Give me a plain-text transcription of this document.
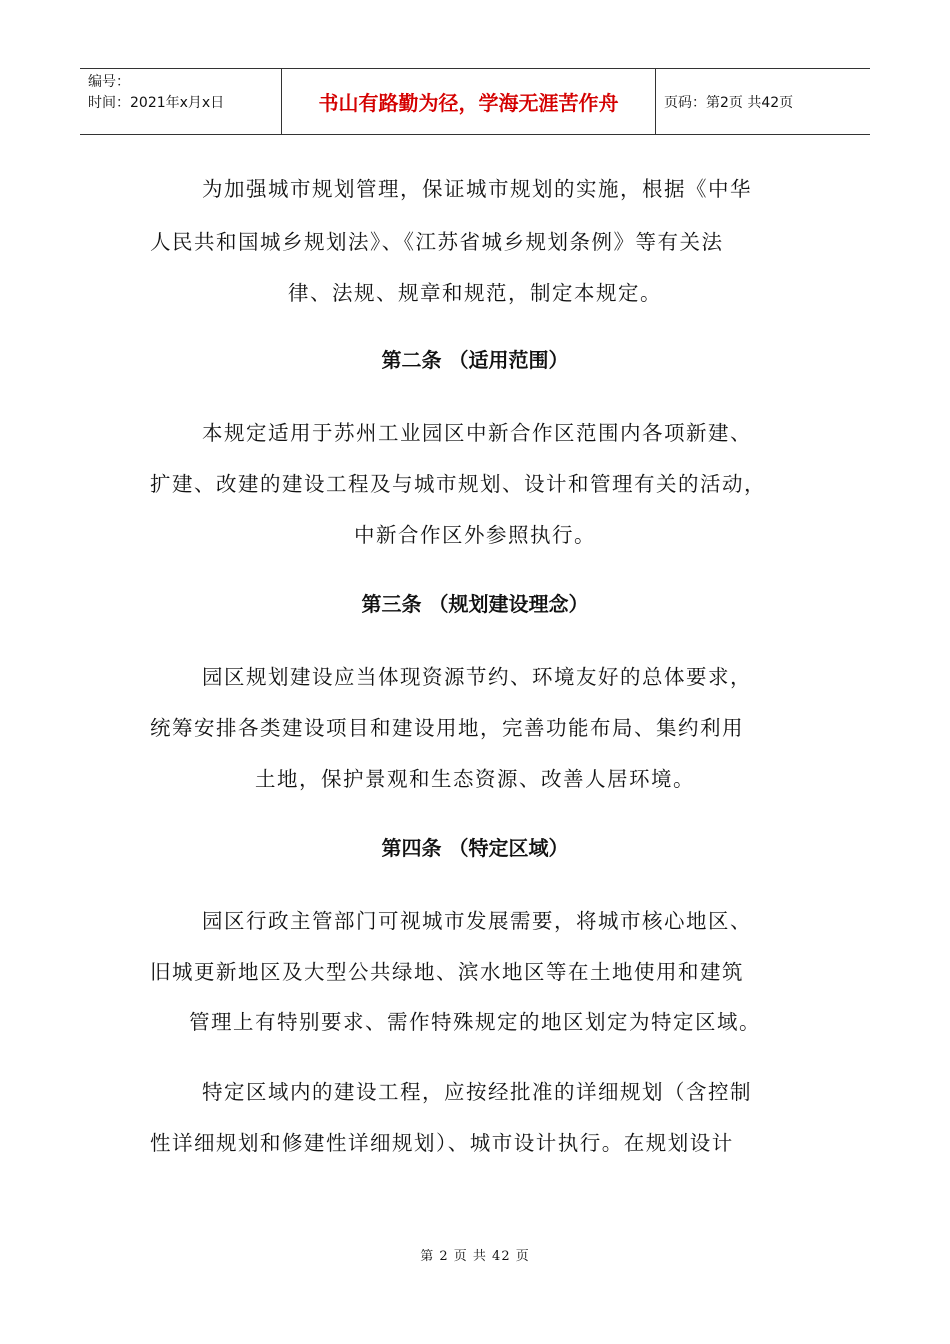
编号：
时间：2021年x月x日	书山有路勤为径，学海无涯苦作舟	页码：第2页 共42页
为加强城市规划管理，保证城市规划的实施，根据《中华
人民共和国城乡规划法》、《江苏省城乡规划条例》等有关法
律、法规、规章和规范，制定本规定。
第二条 （适用范围）
本规定适用于苏州工业园区中新合作区范围内各项新建、
扩建、改建的建设工程及与城市规划、设计和管理有关的活动，
中新合作区外参照执行。
第三条 （规划建设理念）
园区规划建设应当体现资源节约、环境友好的总体要求，
统筹安排各类建设项目和建设用地，完善功能布局、集约利用
土地，保护景观和生态资源、改善人居环境。
第四条 （特定区域）
园区行政主管部门可视城市发展需要，将城市核心地区、
旧城更新地区及大型公共绿地、滨水地区等在土地使用和建筑
管理上有特别要求、需作特殊规定的地区划定为特定区域。
特定区域内的建设工程，应按经批准的详细规划（含控制
性详细规划和修建性详细规划）、城市设计执行。在规划设计
第 2 页 共 42 页
